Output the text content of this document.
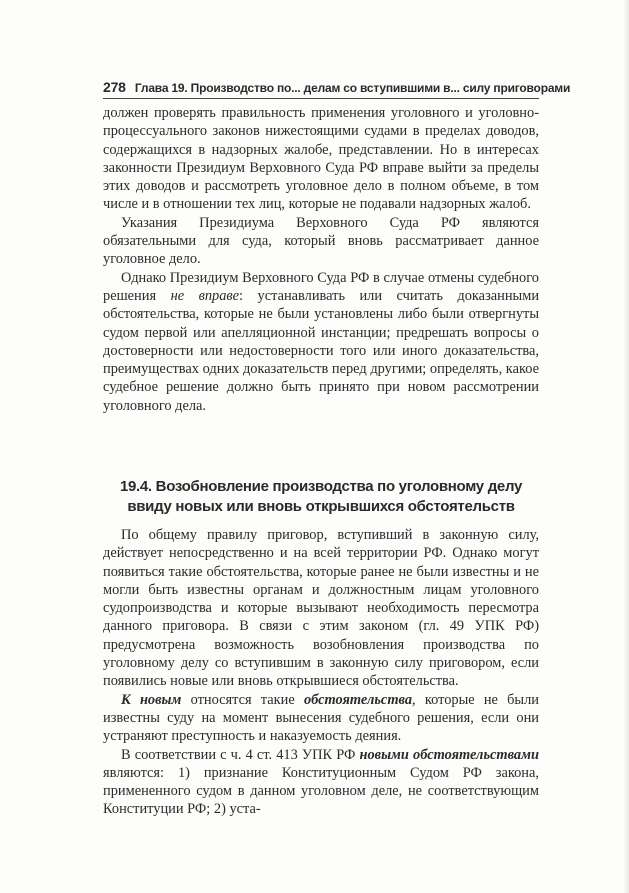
278 Глава 19. Производство по... делам со вступившими в... силу приговорами

должен проверять правильность применения уголовного и уголовно-процессуального законов нижестоящими судами в пределах доводов, содержащихся в надзорных жалобе, представлении. Но в интересах законности Президиум Верховного Суда РФ вправе выйти за пределы этих доводов и рассмотреть уголовное дело в полном объеме, в том числе и в отношении тех лиц, которые не подавали надзорных жалоб.

Указания Президиума Верховного Суда РФ являются обязательными для суда, который вновь рассматривает данное уголовное дело.

Однако Президиум Верховного Суда РФ в случае отмены судебного решения не вправе: устанавливать или считать доказанными обстоятельства, которые не были установлены либо были отвергнуты судом первой или апелляционной инстанции; предрешать вопросы о достоверности или недостоверности того или иного доказательства, преимуществах одних доказательств перед другими; определять, какое судебное решение должно быть принято при новом рассмотрении уголовного дела.

19.4. Возобновление производства по уголовному делу
ввиду новых или вновь открывшихся обстоятельств

По общему правилу приговор, вступивший в законную силу, действует непосредственно и на всей территории РФ. Однако могут появиться такие обстоятельства, которые ранее не были известны и не могли быть известны органам и должностным лицам уголовного судопроизводства и которые вызывают необходимость пересмотра данного приговора. В связи с этим законом (гл. 49 УПК РФ) предусмотрена возможность возобновления производства по уголовному делу со вступившим в законную силу приговором, если появились новые или вновь открывшиеся обстоятельства.

К новым относятся такие обстоятельства, которые не были известны суду на момент вынесения судебного решения, если они устраняют преступность и наказуемость деяния.

В соответствии с ч. 4 ст. 413 УПК РФ новыми обстоятельствами являются: 1) признание Конституционным Судом РФ закона, примененного судом в данном уголовном деле, не соответствующим Конституции РФ; 2) уста-
